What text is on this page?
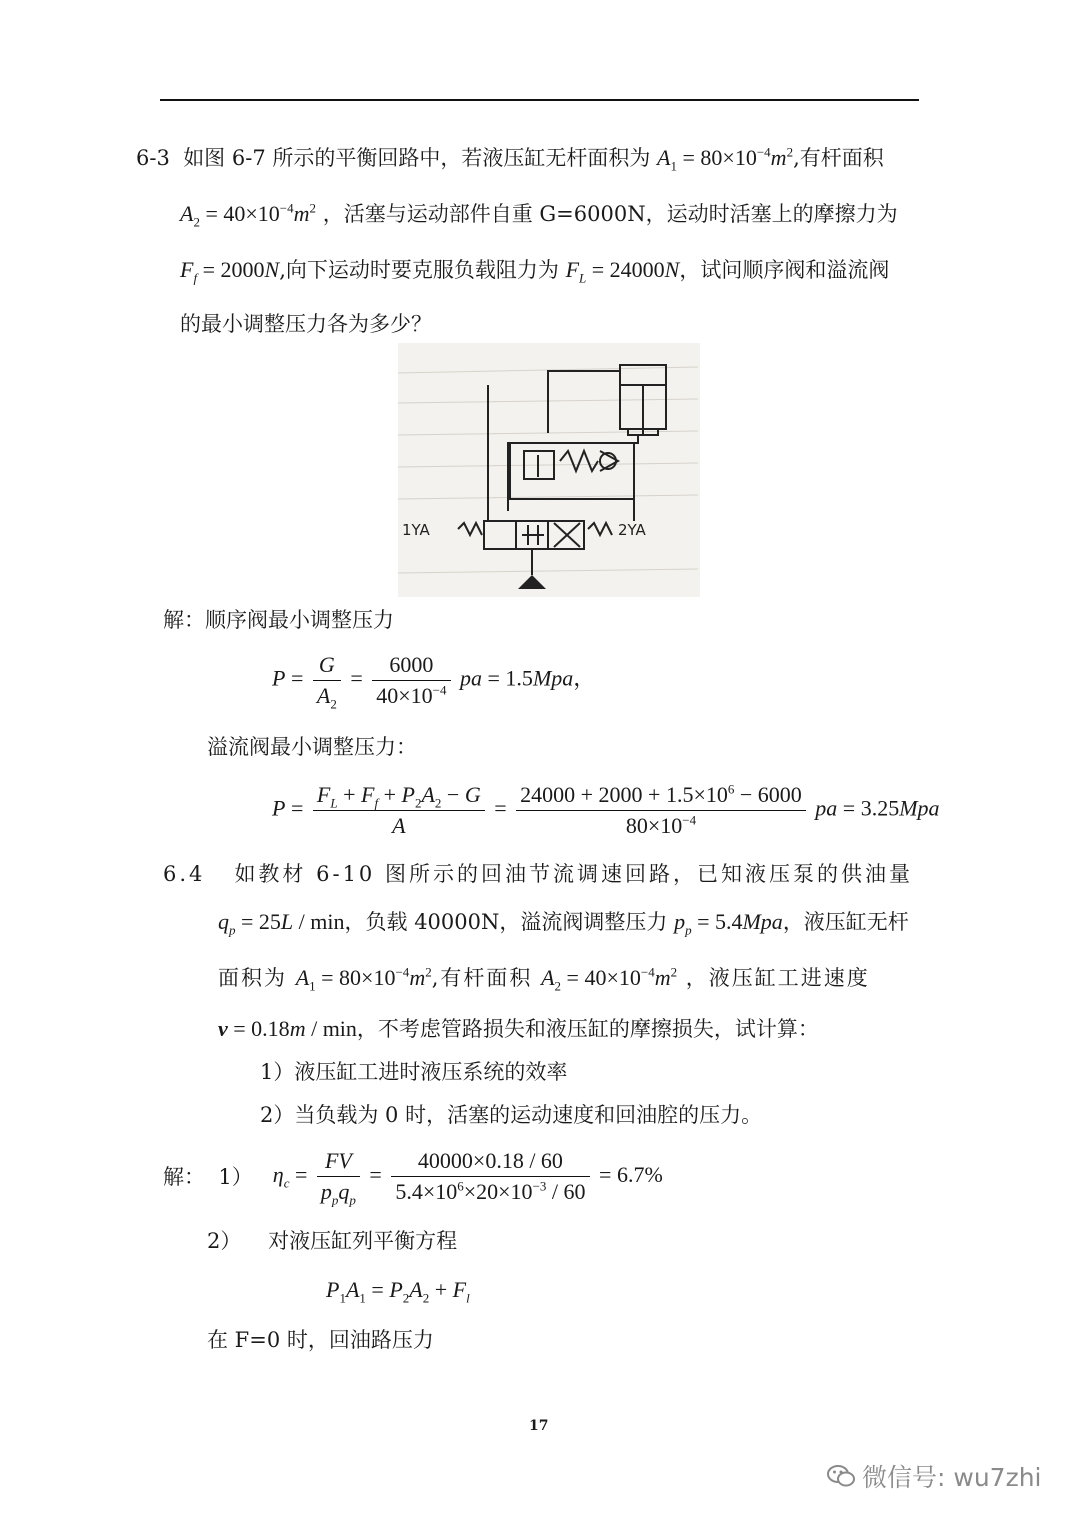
6-3 如图 6-7 所示的平衡回路中，若液压缸无杆面积为 $A_1 = 80\times 10^{-4}m^2$,有杆面积
$A_2 = 40\times 10^{-4}m^2$ ，活塞与运动部件自重 G=6000N，运动时活塞上的摩擦力为
$F_f = 2000N$,向下运动时要克服负载阻力为 $F_L = 24000N$，试问顺序阀和溢流阀
的最小调整压力各为多少？
1YA	2YA
解：顺序阀最小调整压力
$P = \frac{G}{A_2} = \frac{6000}{40\times 10^{-4}}$ pa = 1.5Mpa，
溢流阀最小调整压力：
$P = \frac{F_L + F_f + P_2A_2 - G}{A} = \frac{24000 + 2000 + 1.5\times 10^6 - 6000}{80\times 10^{-4}}$ pa = 3.25Mpa
6.4 如教材 6-10 图所示的回油节流调速回路，已知液压泵的供油量
$q_p = 25L / \min$，负载 40000N，溢流阀调整压力 $p_p = 5.4Mpa$，液压缸无杆
面积为 $A_1 = 80\times 10^{-4}m^2$,有杆面积 $A_2 = 40\times 10^{-4}m^2$ ，液压缸工进速度
v = 0.18m / min，不考虑管路损失和液压缸的摩擦损失，试计算：
1）液压缸工进时液压系统的效率
2）当负载为 0 时，活塞的运动速度和回油腔的压力。
解： 1） $\eta_c = \frac{FV}{p_pq_p} = \frac{40000\times 0.18 / 60}{5.4\times 10^6\times 20\times 10^{-3} / 60} = 6.7\%$
2） 对液压缸列平衡方程
$P_1A_1 = P_2A_2 + F_l$
在 F=0 时，回油路压力
17
微信号: wu7zhi
